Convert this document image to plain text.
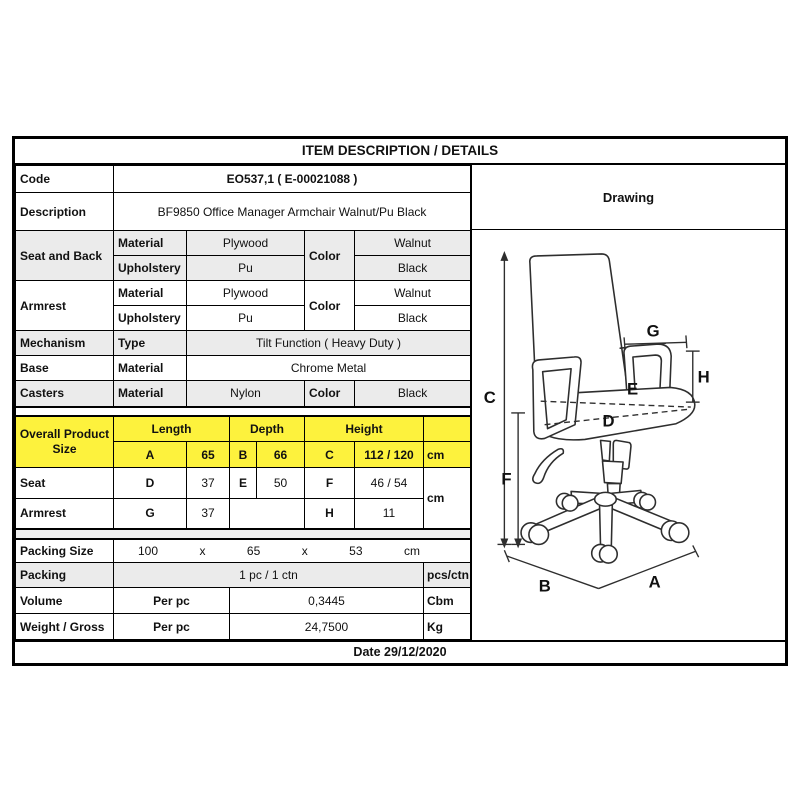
ITEM DESCRIPTION / DETAILS
Code	EO537,1 ( E-00021088 )						
Description	BF9850 Office Manager Armchair Walnut/Pu Black						
Seat and Back	Material	Plywood			Color	Walnut	
	Upholstery	Pu				Black	
Armrest	Material	Plywood			Color	Walnut	
	Upholstery	Pu				Black	
Mechanism	Type	Tilt Function ( Heavy Duty )					
Base	Material	Chrome Metal					
Casters	Material	Nylon			Color	Black	

Overall Product Size	Length		Depth		Height		
	A	65	B	66	C	112 / 120	cm
Seat	D	37	E	50	F	46 / 54	cm
Armrest	G	37			H	11	

Packing Size	100	x	65	x	53	cm

Packing	1 pc / 1 ctn						pcs/ctn
Volume	Per pc		0,3445				Cbm
Weight / Gross	Per pc		24,7500				Kg
Drawing
C
F
G
H
E
D
B	A
Date 29/12/2020
